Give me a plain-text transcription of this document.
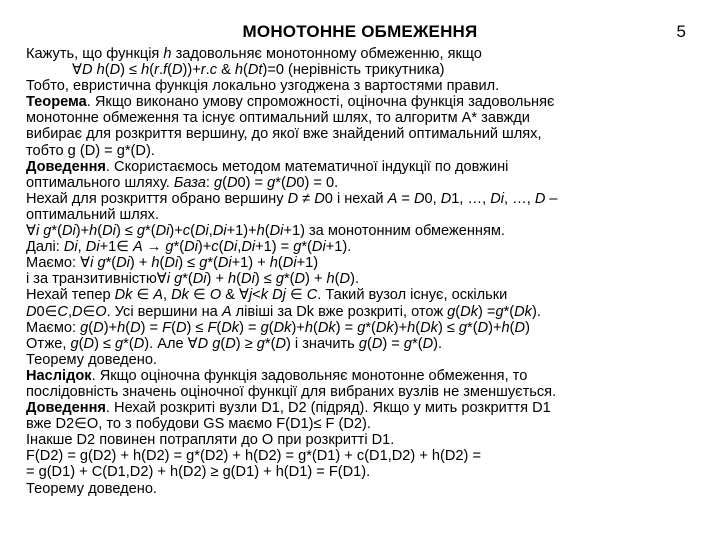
МОНОТОННЕ ОБМЕЖЕННЯ	5
Кажуть, що функція h задовольняє монотонному обмеженню, якщо
∀D h(D) ≤ h(r.f(D))+r.c & h(Dt)=0 (нерівність трикутника)
Тобто, евристична функція локально узгоджена з вартостями правил.
Теорема. Якщо виконано умову спроможності, оціночна функція задовольняє
монотонне обмеження та існує оптимальний шлях, то алгоритм А* завжди
вибирає для розкриття вершину, до якої вже знайдений оптимальний шлях,
тобто g (D) = g*(D).
Доведення. Скористаємось методом математичної індукції по довжині
оптимального шляху. База: g(D0) = g*(D0) = 0.
Нехай для розкриття обрано вершину D ≠ D0 і нехай A = D0, D1, …, Di, …, D –
оптимальний шлях.
∀i g*(Di)+h(Di) ≤ g*(Di)+c(Di,Di+1)+h(Di+1) за монотонним обмеженням.
Далі: Di, Di+1∈ A → g*(Di)+c(Di,Di+1) = g*(Di+1).
Маємо: ∀i g*(Di) + h(Di) ≤ g*(Di+1) + h(Di+1)
і за транзитивністю∀i g*(Di) + h(Di) ≤ g*(D) + h(D).
Нехай тепер Dk ∈ A, Dk ∈ O & ∀j<k Dj ∈ C. Такий вузол існує, оскільки
D0∈C,D∈O. Усі вершини на A лівіші за Dk вже розкриті, отож g(Dk) =g*(Dk).
Маємо: g(D)+h(D) = F(D) ≤ F(Dk) = g(Dk)+h(Dk) = g*(Dk)+h(Dk) ≤ g*(D)+h(D)
Отже, g(D) ≤ g*(D). Але ∀D g(D) ≥ g*(D) і значить g(D) = g*(D).
Теорему доведено.
Наслідок. Якщо оціночна функція задовольняє монотонне обмеження, то
послідовність значень оціночної функції для вибраних вузлів не зменшується.
Доведення. Нехай розкриті вузли D1, D2 (підряд). Якщо у мить розкриття D1
вже D2∈O, то з побудови GS маємо F(D1)≤ F (D2).
Інакше D2 повинен потрапляти до O при розкритті D1.
F(D2) = g(D2) + h(D2) = g*(D2) + h(D2) = g*(D1) + c(D1,D2) + h(D2) =
= g(D1) + C(D1,D2) + h(D2) ≥ g(D1) + h(D1) = F(D1).
Теорему доведено.
